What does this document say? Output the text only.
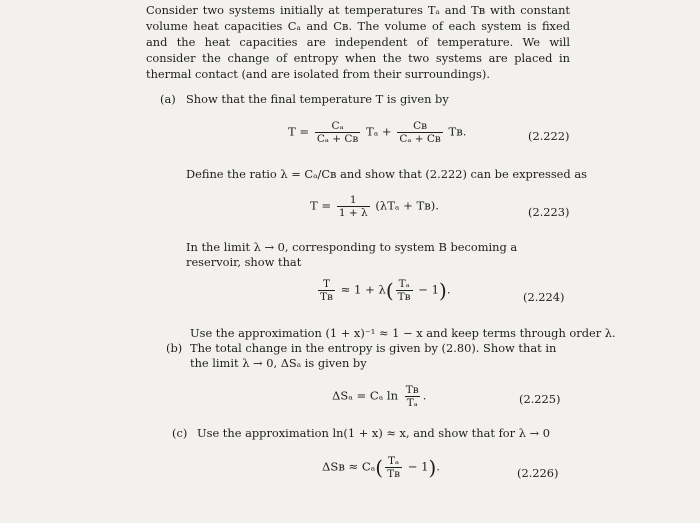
Consider two systems initially at temperatures Tₐ and Tʙ with constant volume heat capacities Cₐ and Cʙ. The volume of each system is fixed and the heat capacities are independent of temperature. We will consider the change of entropy when the two systems are placed in thermal contact (and are isolated from their surroundings).
(a) Show that the final temperature T is given by
$T = \frac{\text{Cₐ}}{\text{Cₐ + Cʙ}}$ $T_a + \frac{\text{Cʙ}}{\text{Cₐ + Cʙ}}$ Tʙ.	(2.222)
Define the ratio λ = Cₐ/Cʙ and show that (2.222) can be expressed as
$T = \frac{1}{1 + \lambda} (\lambda T_a$ + Tʙ).	(2.223)
In the limit λ → 0, corresponding to system B becoming a reservoir, show that
$\frac{T}{\text{Tʙ}} \approx 1 + \lambda( \frac{\text{Tₐ}}{\text{Tʙ}} - 1)$.
(2.224)
Use the approximation (1 + x)⁻¹ ≈ 1 − x and keep terms through order λ.
(b) The total change in the entropy is given by (2.80). Show that in the limit λ → 0, ΔSₐ is given by
ΔSₐ = Cₐ $\ln \frac{\text{Tʙ}}{\text{Tₐ}}$ .	(2.225)
(c) Use the approximation ln(1 + x) ≈ x, and show that for λ → 0
ΔSʙ ≈ $C_a( \frac{\text{Tₐ}}{\text{Tʙ}} - 1)$.	(2.226)
